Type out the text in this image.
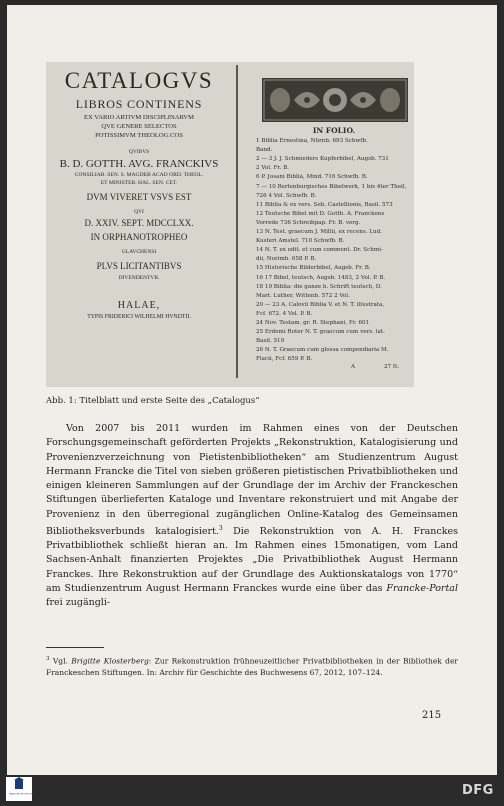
CATALOGVS
LIBROS CONTINENS
EX VARIO ARTIVM DISCIPLINARVM
QVE GENERE SELECTOS
POTISSIMVM THEOLOG.COS
QVIBVS
B. D. GOTTH. AVG. FRANCKIVS
CONSILIAR. SEN. S. MAGDEB ACAD ORD. THEOL.
ET MINISTER. HAL. SEN. CET.
DVM VIVERET VSVS EST
QVI
D. XXIV. SEPT. MDCCLXX.
IN ORPHANOTROPHEO
GLAVCHENSI
PLVS LICITANTIBVS
DIVENDENTVR.
HALAE,
TYPIS FRIDERICI WILHELMI HVNDTII.
IN FOLIO.
1 Biblia Ernestina, Nürnb. 693 Schwfb.
Band.
2 — 3 J. J. Schmieders Kupferbibel, Augsb. 731
2 Vol. Fr. B.
6 P. Josani Bibliá, Mind. 716 Schwfb. B.
7 — 10 Berlenburgisches Bibelwerk, 1 bis 4ter Theil,
726 4 Vol. Schwfb. B.
11 Biblia & ex vers. Seb. Castellionis, Basil. 573
12 Teutsche Bibel mit D. Gotth. A. Franckens
Vorrede 736 Schreibpap. Fr. B. verg.
13 N. Test. graecum J. Millii, ex recens. Lud.
Kusteri Amstel. 710 Schwfb. B.
14 N. T. ex edit. et cum comment. Dr. Schmi-
dii, Norimb. 658 P. B.
15 Historische Bilderbibel, Augsb. Fr. B.
16 17 Bibel, teutsch, Augsb. 1483, 2 Vol. P. B.
18 19 Biblia: die ganze h. Schrift teutsch, D.
Mart. Luther, Wittenb. 572 2 Vol.
20 — 23 A. Calovii Biblia V. et N. T. illustrata,
Fcf. 672. 4 Vol. P. B.
24 Nov. Testam. gr. R. Stephani, Fr. 601
25 Erdemi Roter N. T. graecum cum vers. lat.
Basil. 519
26 N. T. Graecum cum glossa compendiaria M.
Flacii, Fcf. 659 P. B.
A	27 It.
Abb. 1: Titelblatt und erste Seite des „Catalogus“

Von 2007 bis 2011 wurden im Rahmen eines von der Deutschen Forschungsgemeinschaft geförderten Projekts „Rekonstruktion, Katalogisierung und Provenienzverzeichnung von Pietistenbibliotheken“ am Studienzentrum August Hermann Francke die Titel von sieben größeren pietistischen Privatbibliotheken und einigen kleineren Sammlungen auf der Grundlage der im Archiv der Franckeschen Stiftungen überlieferten Kataloge und Inventare rekonstruiert und mit Angabe der Provenienz in den überregional zugänglichen Online-Katalog des Gemeinsamen Bibliotheksverbunds katalogisiert.$^3$ Die Rekonstruktion von A. H. Franckes Privatbibliothek schließt hieran an. Im Rahmen eines 15monatigen, vom Land Sachsen-Anhalt finanzierten Projektes „Die Privatbibliothek August Hermann Franckes. Ihre Rekonstruktion auf der Grundlage des Auktionskatalogs von 1770“ am Studienzentrum August Hermann Franckes wurde eine über das Francke-Portal frei zugängli-

$^3$ Vgl. Brigitte Klosterberg: Zur Rekonstruktion frühneuzeitlicher Privatbibliotheken in der Bibliothek der Franckeschen Stiftungen. In: Archiv für Geschichte des Buchwesens 67, 2012, 107–124.
215
FRANCKESCHE STIFTUNGEN	DFG
